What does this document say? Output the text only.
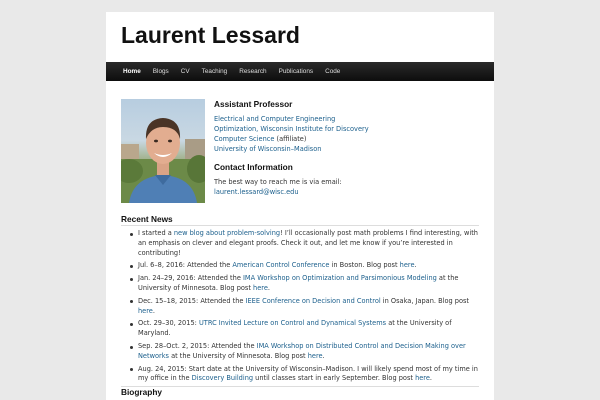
Laurent Lessard
Home	Blogs	CV	Teaching	Research	Publications	Code
Assistant Professor
Electrical and Computer Engineering
Optimization, Wisconsin Institute for Discovery
Computer Science (affiliate)
University of Wisconsin–Madison
Contact Information
The best way to reach me is via email:
laurent.lessard@wisc.edu
Recent News
I started a new blog about problem-solving! I’ll occasionally post math problems I find interesting, with an emphasis on clever and elegant proofs. Check it out, and let me know if you’re interested in contributing!
Jul. 6–8, 2016: Attended the American Control Conference in Boston. Blog post here.
Jan. 24–29, 2016: Attended the IMA Workshop on Optimization and Parsimonious Modeling at the University of Minnesota. Blog post here.
Dec. 15–18, 2015: Attended the IEEE Conference on Decision and Control in Osaka, Japan. Blog post here.
Oct. 29–30, 2015: UTRC Invited Lecture on Control and Dynamical Systems at the University of Maryland.
Sep. 28–Oct. 2, 2015: Attended the IMA Workshop on Distributed Control and Decision Making over Networks at the University of Minnesota. Blog post here.
Aug. 24, 2015: Start date at the University of Wisconsin–Madison. I will likely spend most of my time in my office in the Discovery Building until classes start in early September. Blog post here.
Biography
